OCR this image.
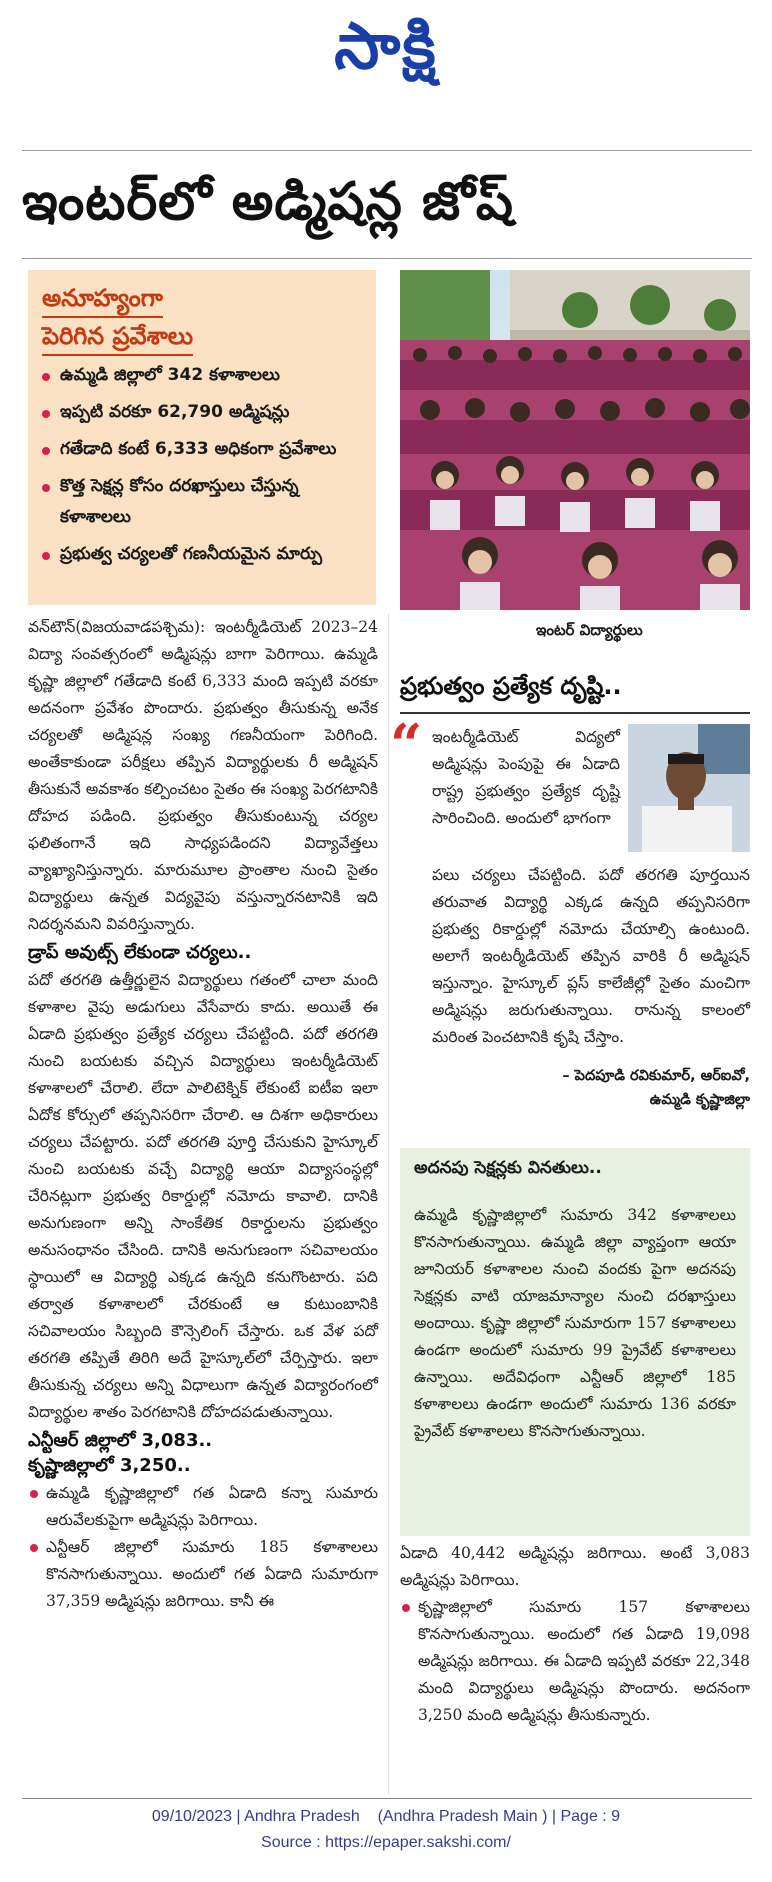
సాక్షి
ఇంటర్‌లో అడ్మిషన్ల జోష్‌
అనూహ్యంగా
పెరిగిన ప్రవేశాలు
ఉమ్మడి జిల్లాలో 342 కళాశాలలు
ఇప్పటి వరకూ 62,790 అడ్మిషన్లు
గతేడాది కంటే 6,333 అధికంగా ప్రవేశాలు
కొత్త సెక్షన్ల కోసం దరఖాస్తులు చేస్తున్న కళాశాలలు
ప్రభుత్వ చర్యలతో గణనీయమైన మార్పు
ఇంటర్‌ విద్యార్థులు
వన్‌టౌన్‌(విజయవాడపశ్చిమ): ఇంటర్మీడియెట్‌ 2023–24 విద్యా సంవత్సరంలో అడ్మిషన్లు బాగా పెరిగాయి. ఉమ్మడి కృష్ణా జిల్లాలో గతేడాది కంటే 6,333 మంది ఇప్పటి వరకూ అదనంగా ప్రవేశం పొందారు. ప్రభుత్వం తీసుకున్న అనేక చర్యలతో అడ్మిషన్ల సంఖ్య గణనీయంగా పెరిగింది. అంతేకాకుండా పరీక్షలు తప్పిన విద్యార్థులకు రీ అడ్మిషన్‌ తీసుకునే అవకాశం కల్పించటం సైతం ఈ సంఖ్య పెరగటానికి దోహద పడింది. ప్రభుత్వం తీసుకుంటున్న చర్యల ఫలితంగానే ఇది సాధ్యపడిందని విద్యావేత్తలు వ్యాఖ్యానిస్తున్నారు. మారుమూల ప్రాంతాల నుంచి సైతం విద్యార్థులు ఉన్నత విద్యవైపు వస్తున్నారనటానికి ఇది నిదర్శనమని వివరిస్తున్నారు.
డ్రాప్‌ అవుట్స్‌ లేకుండా చర్యలు..
పదో తరగతి ఉత్తీర్ణులైన విద్యార్థులు గతంలో చాలా మంది కళాశాల వైపు అడుగులు వేసేవారు కాదు. అయితే ఈ ఏడాది ప్రభుత్వం ప్రత్యేక చర్యలు చేపట్టింది. పదో తరగతి నుంచి బయటకు వచ్చిన విద్యార్థులు ఇంటర్మీడియెట్‌ కళాశాలలో చేరాలి. లేదా పాలిటెక్నిక్‌ లేకుంటే ఐటీఐ ఇలా ఏదోక కోర్సులో తప్పనిసరిగా చేరాలి. ఆ దిశగా అధికారులు చర్యలు చేపట్టారు. పదో తరగతి పూర్తి చేసుకుని హైస్కూల్‌ నుంచి బయటకు వచ్చే విద్యార్థి ఆయా విద్యాసంస్థల్లో చేరినట్లుగా ప్రభుత్వ రికార్డుల్లో నమోదు కావాలి. దానికి అనుగుణంగా అన్ని సాంకేతిక రికార్డులను ప్రభుత్వం అనుసంధానం చేసింది. దానికి అనుగుణంగా సచివాలయం స్థాయిలో ఆ విద్యార్థి ఎక్కడ ఉన్నది కనుగొంటారు. పది తర్వాత కళాశాలలో చేరకుంటే ఆ కుటుంబానికి సచివాలయం సిబ్బంది కౌన్సెలింగ్‌ చేస్తారు. ఒక వేళ పదో తరగతి తప్పితే తిరిగి అదే హైస్కూల్‌లో చేర్పిస్తారు. ఇలా తీసుకున్న చర్యలు అన్ని విధాలుగా ఉన్నత విద్యారంగంలో విద్యార్థుల శాతం పెరగటానికి దోహదపడుతున్నాయి.
ఎన్టీఆర్‌ జిల్లాలో 3,083..
కృష్ణాజిల్లాలో 3,250..
ఉమ్మడి కృష్ణాజిల్లాలో గత ఏడాది కన్నా సుమారు ఆరువేలకుపైగా అడ్మిషన్లు పెరిగాయి.
ఎన్టీఆర్‌ జిల్లాలో సుమారు 185 కళాశాలలు కొనసాగుతున్నాయి. అందులో గత ఏడాది సుమారుగా 37,359 అడ్మిషన్లు జరిగాయి. కానీ ఈ
ప్రభుత్వం ప్రత్యేక దృష్టి..
“ ఇంటర్మీడియెట్‌ విద్యలో అడ్మిషన్లు పెంపుపై ఈ ఏడాది రాష్ట్ర ప్రభుత్వం ప్రత్యేక దృష్టి సారించింది. అందులో భాగంగా
పలు చర్యలు చేపట్టింది. పదో తరగతి పూర్తయిన తరువాత విద్యార్థి ఎక్కడ ఉన్నది తప్పనిసరిగా ప్రభుత్వ రికార్డుల్లో నమోదు చేయాల్సి ఉంటుంది. అలాగే ఇంటర్మీడియెట్‌ తప్పిన వారికి రీ అడ్మిషన్‌ ఇస్తున్నాం. హైస్కూల్‌ ప్లస్‌ కాలేజీల్లో సైతం మంచిగా అడ్మిషన్లు జరుగుతున్నాయి. రానున్న కాలంలో మరింత పెంచటానికి కృషి చేస్తాం.
– పెదపూడి రవికుమార్‌, ఆర్‌ఐవో,
ఉమ్మడి కృష్ణాజిల్లా
అదనపు సెక్షన్లకు వినతులు..
ఉమ్మడి కృష్ణాజిల్లాలో సుమారు 342 కళాశాలలు కొనసాగుతున్నాయి. ఉమ్మడి జిల్లా వ్యాప్తంగా ఆయా జూనియర్‌ కళాశాలల నుంచి వందకు పైగా అదనపు సెక్షన్లకు వాటి యాజమాన్యాల నుంచి దరఖాస్తులు అందాయి. కృష్ణా జిల్లాలో సుమారుగా 157 కళాశాలలు ఉండగా అందులో సుమారు 99 ప్రైవేట్‌ కళాశాలలు ఉన్నాయి. అదేవిధంగా ఎన్టీఆర్‌ జిల్లాలో 185 కళాశాలలు ఉండగా అందులో సుమారు 136 వరకూ ప్రైవేట్‌ కళాశాలలు కొనసాగుతున్నాయి.
ఏడాది 40,442 అడ్మిషన్లు జరిగాయి. అంటే 3,083 అడ్మిషన్లు పెరిగాయి.
కృష్ణాజిల్లాలో సుమారు 157 కళాశాలలు కొనసాగుతున్నాయి. అందులో గత ఏడాది 19,098 అడ్మిషన్లు జరిగాయి. ఈ ఏడాది ఇప్పటి వరకూ 22,348 మంది విద్యార్థులు అడ్మిషన్లు పొందారు. అదనంగా 3,250 మంది అడ్మిషన్లు తీసుకున్నారు.
09/10/2023 | Andhra Pradesh    (Andhra Pradesh Main ) | Page : 9
Source : https://epaper.sakshi.com/
